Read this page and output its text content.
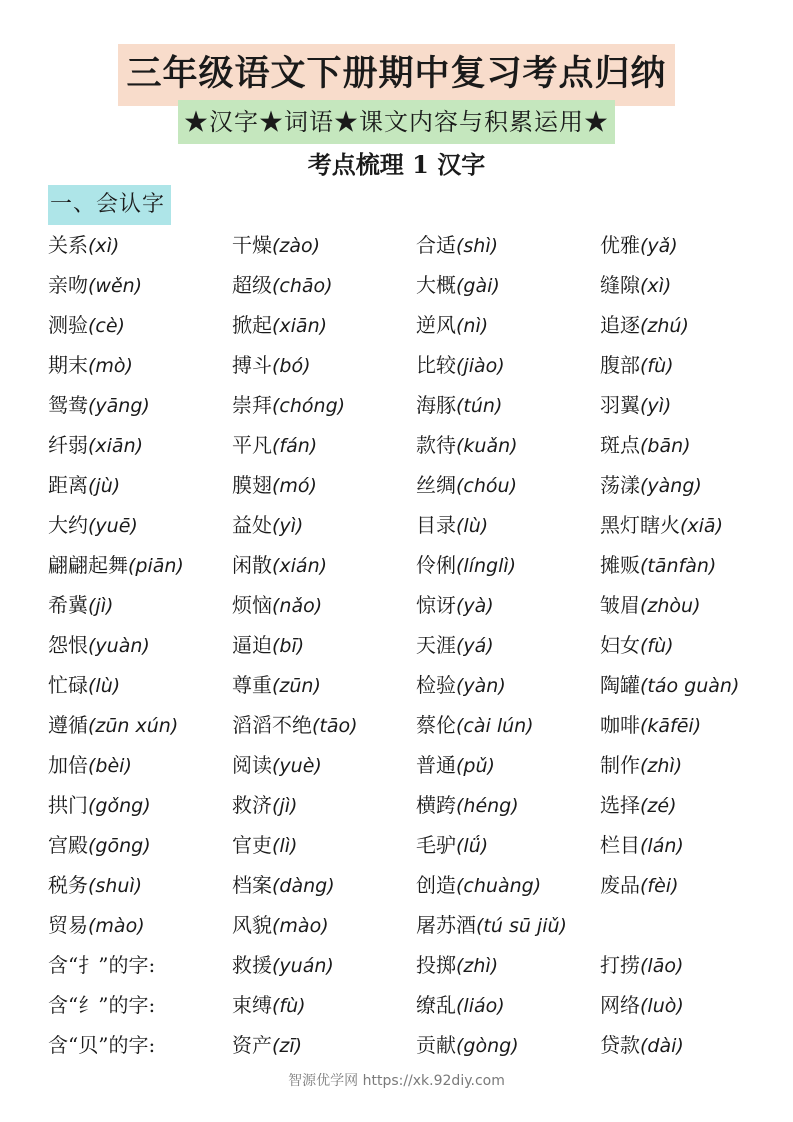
三年级语文下册期中复习考点归纳
★汉字★词语★课文内容与积累运用★
考点梳理 1 汉字
一、会认字
关系(xì)	干燥(zào)	合适(shì)	优雅(yǎ)
亲吻(wěn)	超级(chāo)	大概(gài)	缝隙(xì)
测验(cè)	掀起(xiān)	逆风(nì)	追逐(zhú)
期末(mò)	搏斗(bó)	比较(jiào)	腹部(fù)
鸳鸯(yāng)	崇拜(chóng)	海豚(tún)	羽翼(yì)
纤弱(xiān)	平凡(fán)	款待(kuǎn)	斑点(bān)
距离(jù)	膜翅(mó)	丝绸(chóu)	荡漾(yàng)
大约(yuē)	益处(yì)	目录(lù)	黑灯瞎火(xiā)
翩翩起舞(piān)	闲散(xián)	伶俐(línglì)	摊贩(tānfàn)
希冀(jì)	烦恼(nǎo)	惊讶(yà)	皱眉(zhòu)
怨恨(yuàn)	逼迫(bī)	天涯(yá)	妇女(fù)
忙碌(lù)	尊重(zūn)	检验(yàn)	陶罐(táo guàn)
遵循(zūn xún)	滔滔不绝(tāo)	蔡伦(cài lún)	咖啡(kāfēi)
加倍(bèi)	阅读(yuè)	普通(pǔ)	制作(zhì)
拱门(gǒng)	救济(jì)	横跨(héng)	选择(zé)
宫殿(gōng)	官吏(lì)	毛驴(lǘ)	栏目(lán)
税务(shuì)	档案(dàng)	创造(chuàng)	废品(fèi)
贸易(mào)	风貌(mào)	屠苏酒(tú sū jiǔ)
含“扌”的字:	救援(yuán)	投掷(zhì)	打捞(lāo)
含“纟”的字:	束缚(fù)	缭乱(liáo)	网络(luò)
含“贝”的字:	资产(zī)	贡献(gòng)	贷款(dài)
智源优学网 https://xk.92diy.com
